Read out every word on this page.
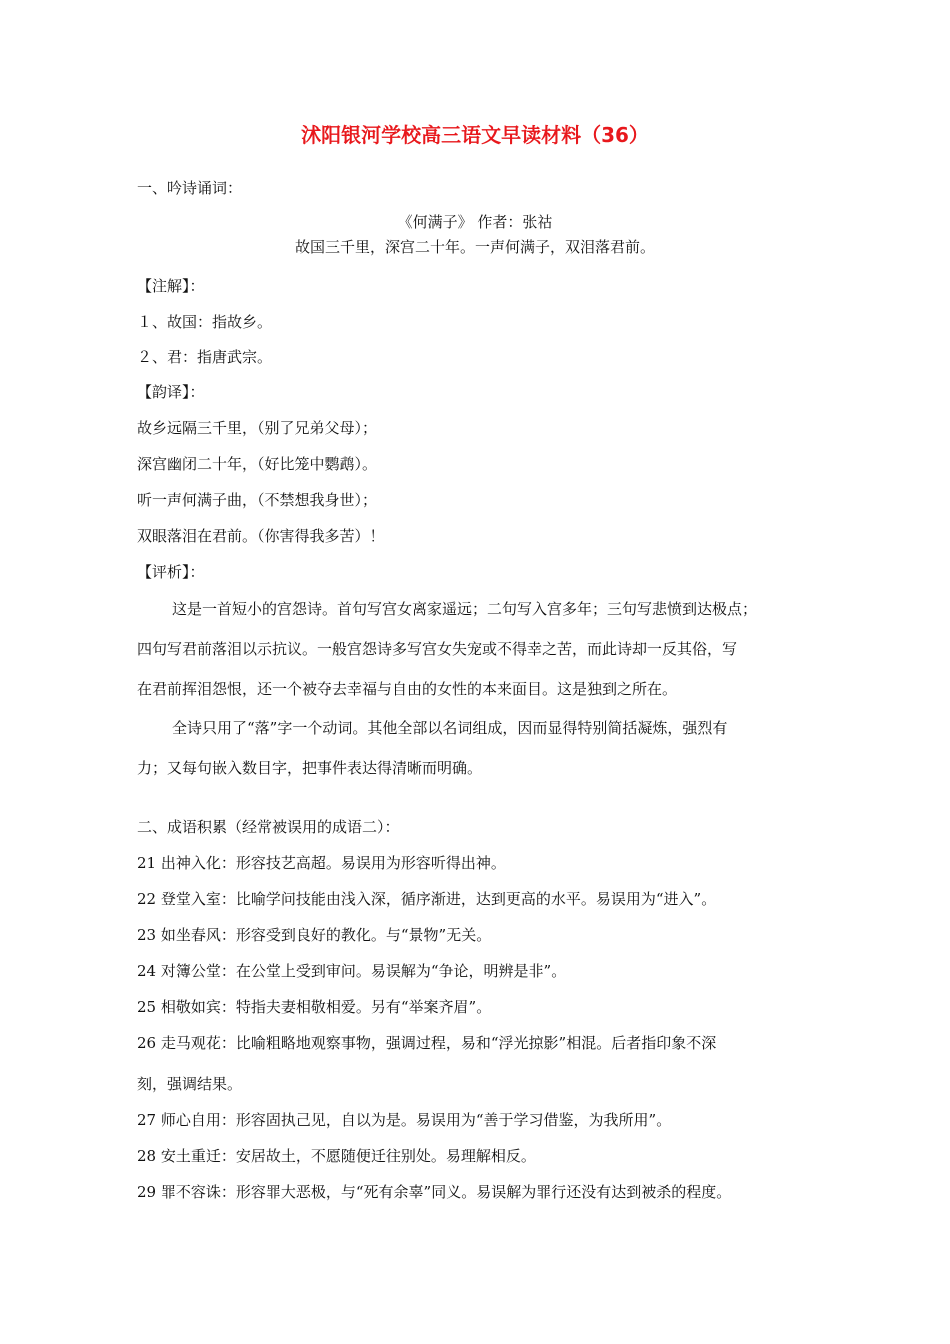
沭阳银河学校高三语文早读材料（36）
一、吟诗诵词：
《何满子》 作者：张祜
故国三千里，深宫二十年。一声何满子，双泪落君前。
【注解】：
１、故国：指故乡。
２、君：指唐武宗。
【韵译】：
故乡远隔三千里，（别了兄弟父母）；
深宫幽闭二十年，（好比笼中鹦鹉）。
听一声何满子曲，（不禁想我身世）；
双眼落泪在君前。（你害得我多苦）！
【评析】：
这是一首短小的宫怨诗。首句写宫女离家遥远；二句写入宫多年；三句写悲愤到达极点；
四句写君前落泪以示抗议。一般宫怨诗多写宫女失宠或不得幸之苦，而此诗却一反其俗，写
在君前挥泪怨恨，还一个被夺去幸福与自由的女性的本来面目。这是独到之所在。
全诗只用了“落”字一个动词。其他全部以名词组成，因而显得特别简括凝炼，强烈有
力；又每句嵌入数目字，把事件表达得清晰而明确。
二、成语积累（经常被误用的成语二）：
21 出神入化：形容技艺高超。易误用为形容听得出神。
22 登堂入室：比喻学问技能由浅入深，循序渐进，达到更高的水平。易误用为“进入”。
23 如坐春风：形容受到良好的教化。与“景物”无关。
24 对簿公堂：在公堂上受到审问。易误解为“争论，明辨是非”。
25 相敬如宾：特指夫妻相敬相爱。另有“举案齐眉”。
26 走马观花：比喻粗略地观察事物，强调过程，易和“浮光掠影”相混。后者指印象不深
刻，强调结果。
27 师心自用：形容固执己见，自以为是。易误用为“善于学习借鉴，为我所用”。
28 安土重迁：安居故土，不愿随便迁往别处。易理解相反。
29 罪不容诛：形容罪大恶极，与“死有余辜”同义。易误解为罪行还没有达到被杀的程度。
